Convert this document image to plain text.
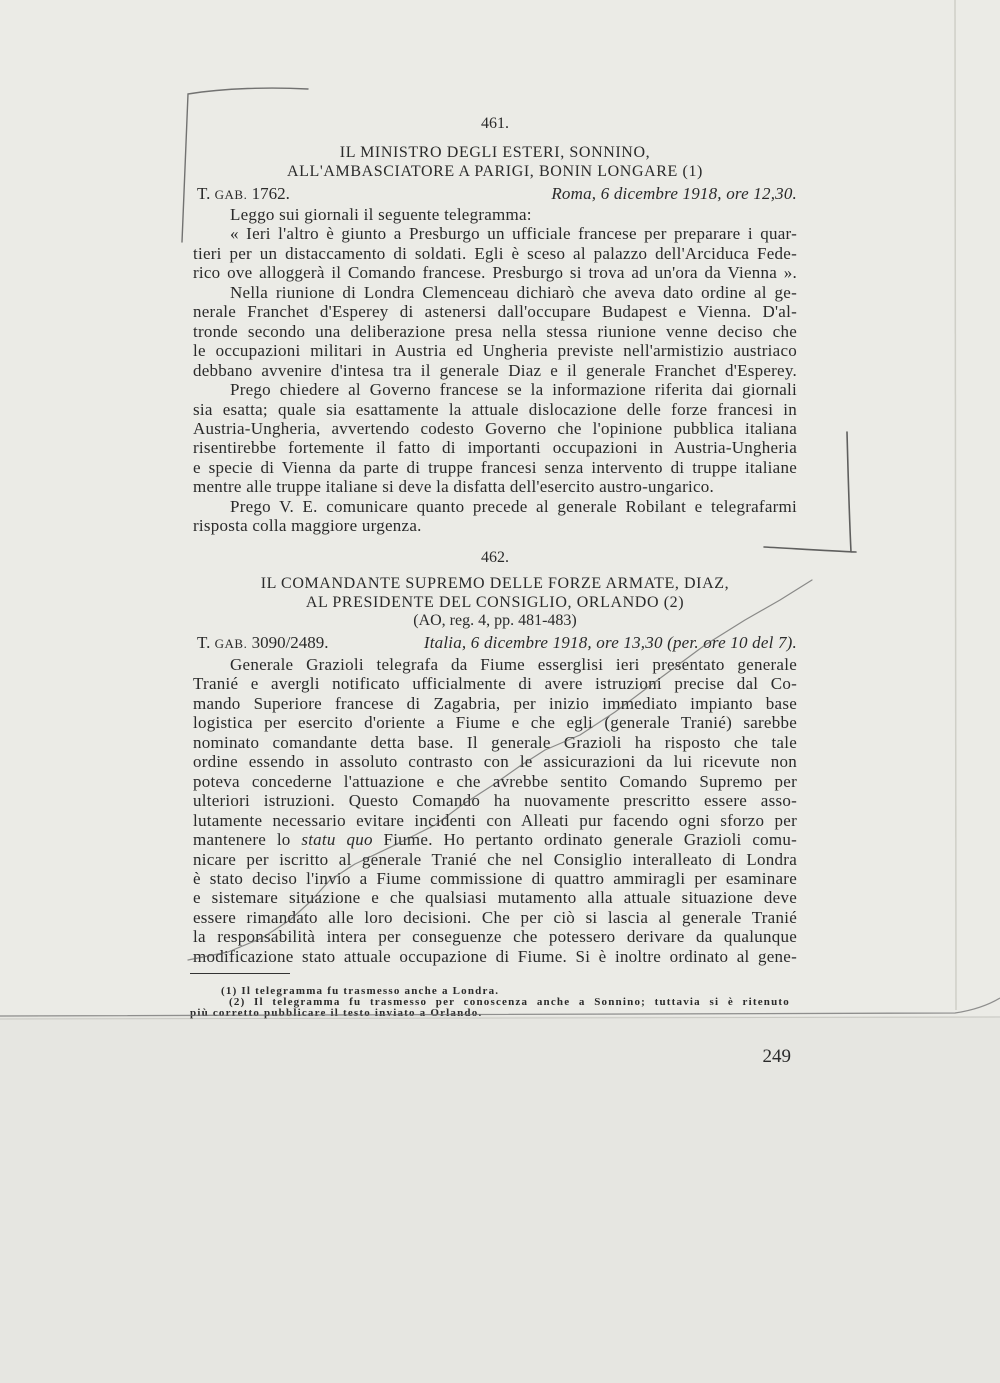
461.
IL MINISTRO DEGLI ESTERI, SONNINO,
ALL'AMBASCIATORE A PARIGI, BONIN LONGARE (1)
T. GAB. 1762.	Roma, 6 dicembre 1918, ore 12,30.
Leggo sui giornali il seguente telegramma:
« Ieri l'altro è giunto a Presburgo un ufficiale francese per preparare i quar-
tieri per un distaccamento di soldati. Egli è sceso al palazzo dell'Arciduca Fede-
rico ove alloggerà il Comando francese. Presburgo si trova ad un'ora da Vienna ».
Nella riunione di Londra Clemenceau dichiarò che aveva dato ordine al ge-
nerale Franchet d'Esperey di astenersi dall'occupare Budapest e Vienna. D'al-
tronde secondo una deliberazione presa nella stessa riunione venne deciso che
le occupazioni militari in Austria ed Ungheria previste nell'armistizio austriaco
debbano avvenire d'intesa tra il generale Diaz e il generale Franchet d'Esperey.
Prego chiedere al Governo francese se la informazione riferita dai giornali
sia esatta; quale sia esattamente la attuale dislocazione delle forze francesi in
Austria-Ungheria, avvertendo codesto Governo che l'opinione pubblica italiana
risentirebbe fortemente il fatto di importanti occupazioni in Austria-Ungheria
e specie di Vienna da parte di truppe francesi senza intervento di truppe italiane
mentre alle truppe italiane si deve la disfatta dell'esercito austro-ungarico.
Prego V. E. comunicare quanto precede al generale Robilant e telegrafarmi
risposta colla maggiore urgenza.
462.
IL COMANDANTE SUPREMO DELLE FORZE ARMATE, DIAZ,
AL PRESIDENTE DEL CONSIGLIO, ORLANDO (2)
(AO, reg. 4, pp. 481-483)
T. GAB. 3090/2489.	Italia, 6 dicembre 1918, ore 13,30 (per. ore 10 del 7).
Generale Grazioli telegrafa da Fiume esserglisi ieri presentato generale
Tranié e avergli notificato ufficialmente di avere istruzioni precise dal Co-
mando Superiore francese di Zagabria, per inizio immediato impianto base
logistica per esercito d'oriente a Fiume e che egli (generale Tranié) sarebbe
nominato comandante detta base. Il generale Grazioli ha risposto che tale
ordine essendo in assoluto contrasto con le assicurazioni da lui ricevute non
poteva concederne l'attuazione e che avrebbe sentito Comando Supremo per
ulteriori istruzioni. Questo Comando ha nuovamente prescritto essere asso-
lutamente necessario evitare incidenti con Alleati pur facendo ogni sforzo per
mantenere lo statu quo Fiume. Ho pertanto ordinato generale Grazioli comu-
nicare per iscritto al generale Tranié che nel Consiglio interalleato di Londra
è stato deciso l'invio a Fiume commissione di quattro ammiragli per esaminare
e sistemare situazione e che qualsiasi mutamento alla attuale situazione deve
essere rimandato alle loro decisioni. Che per ciò si lascia al generale Tranié
la responsabilità intera per conseguenze che potessero derivare da qualunque
modificazione stato attuale occupazione di Fiume. Si è inoltre ordinato al gene-
(1) Il telegramma fu trasmesso anche a Londra.
(2) Il telegramma fu trasmesso per conoscenza anche a Sonnino; tuttavia si è ritenuto
più corretto pubblicare il testo inviato a Orlando.
249
